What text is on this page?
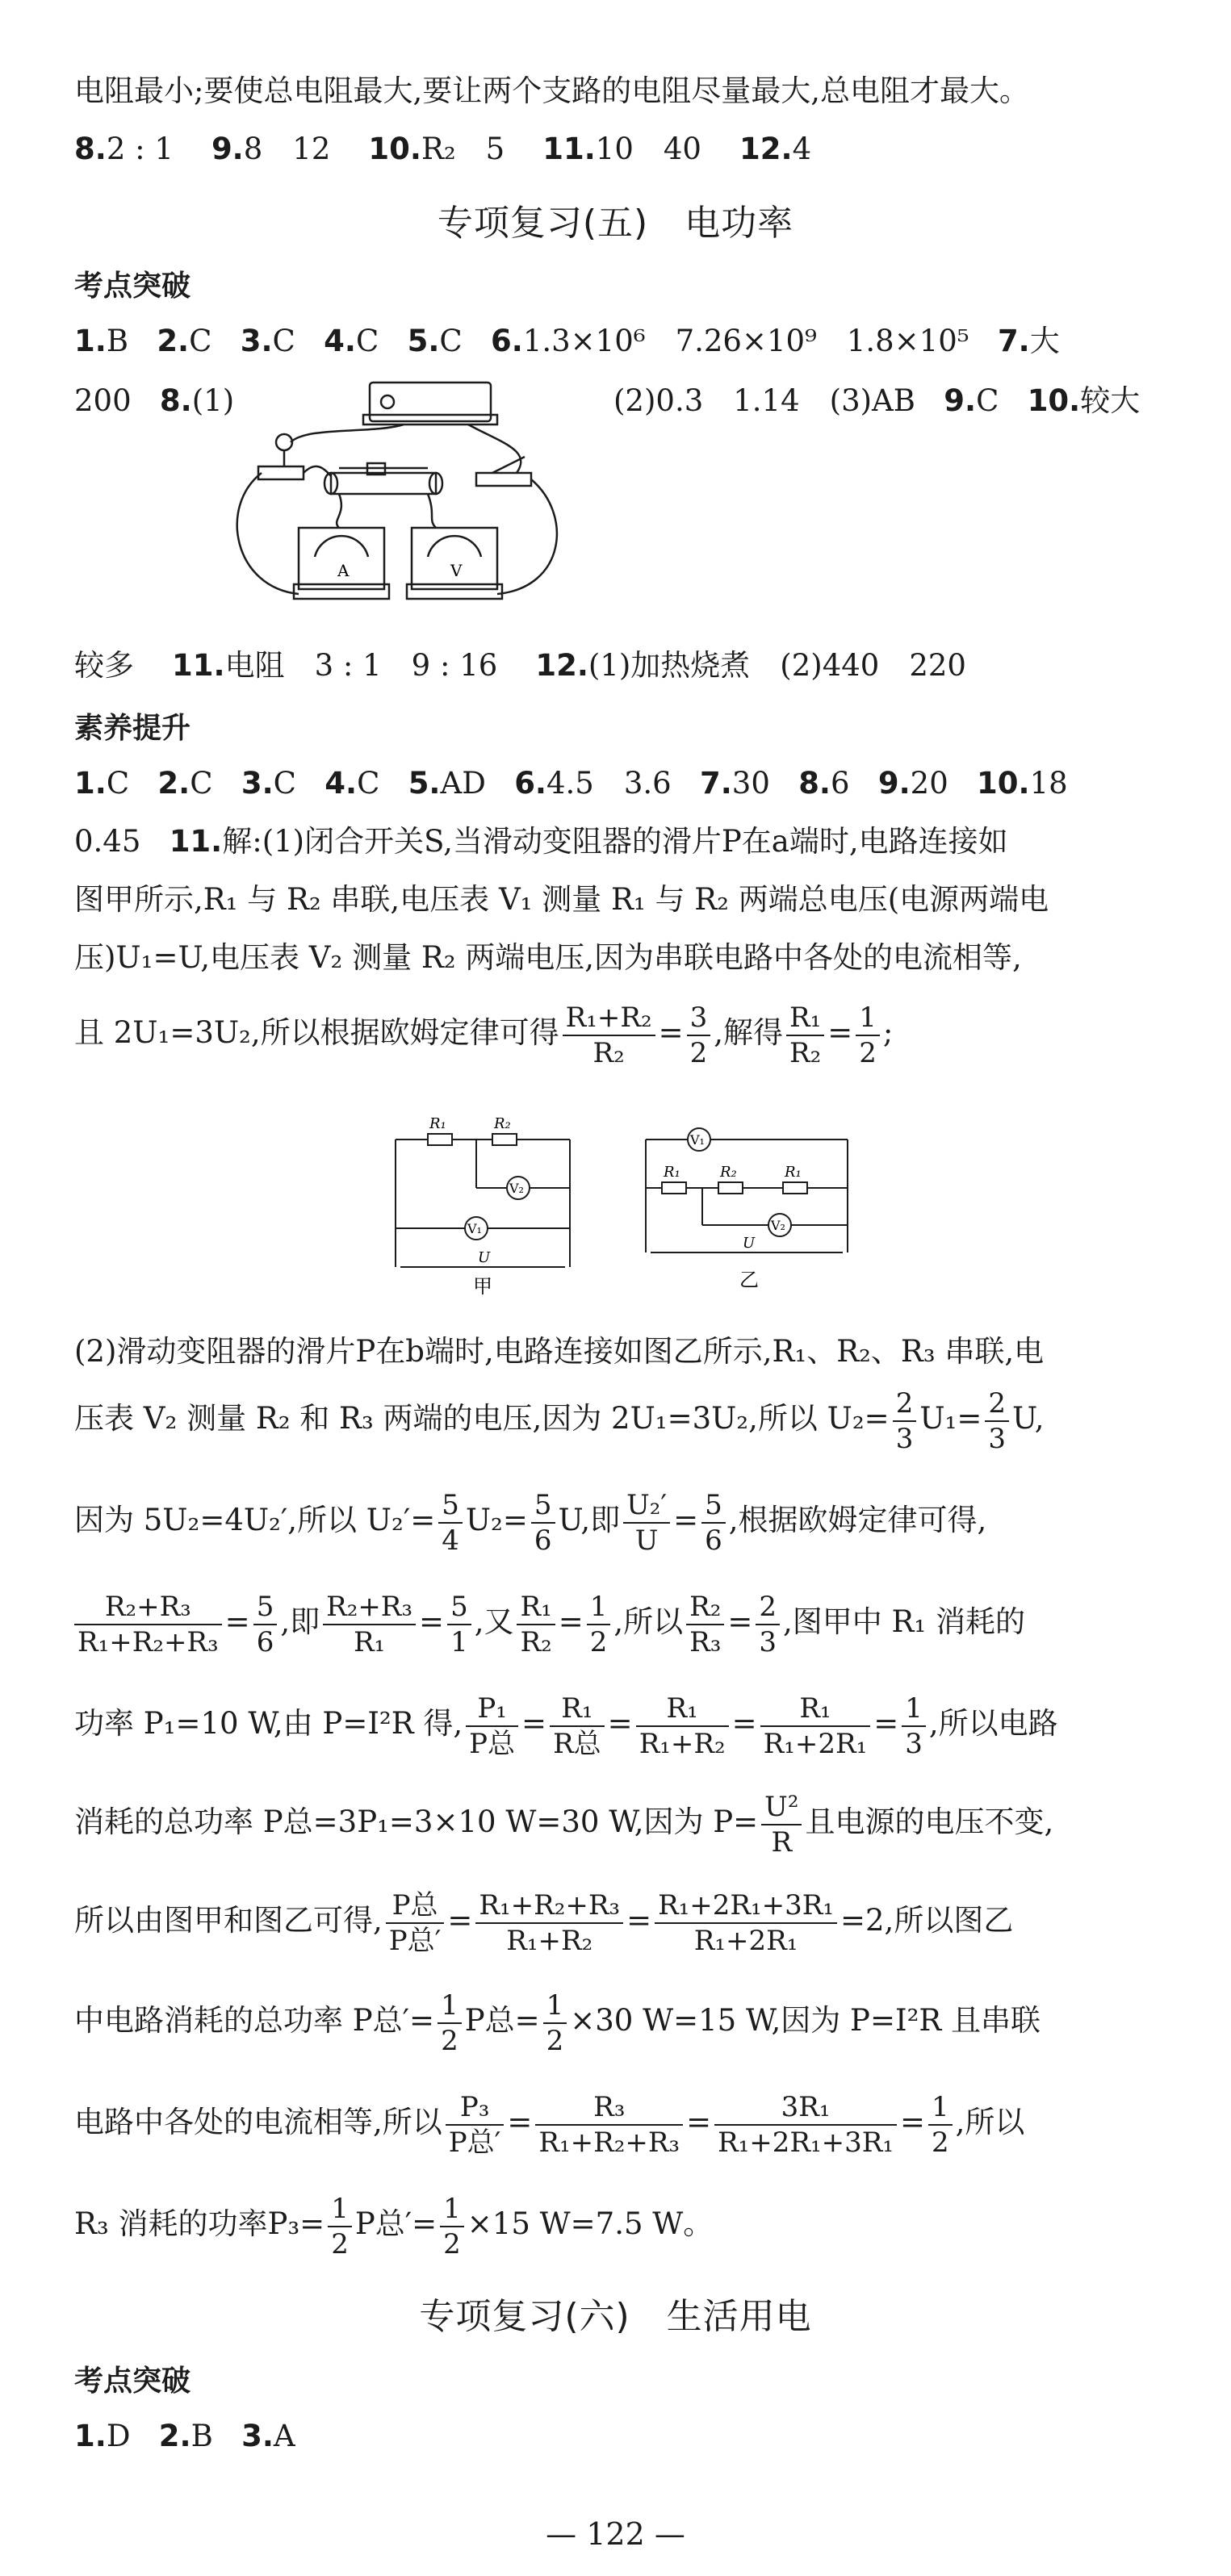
电阻最小;要使总电阻最大,要让两个支路的电阻尽量最大,总电阻才最大。
8.2 : 1 9.8　12 10.R₂　5 11.10　40 12.4
专项复习(五)　电功率
考点突破
1.B 2.C 3.C 4.C 5.C 6.1.3×10⁶　7.26×10⁹　1.8×10⁵ 7.大
200 8.(1)	(2)0.3　1.14　(3)AB 9.C 10.较大
A	V
较多 11.电阻　3 : 1　9 : 16 12.(1)加热烧煮　(2)440　220
素养提升
1.C 2.C 3.C 4.C 5.AD 6.4.5　3.6 7.30 8.6 9.20 10.18
0.45 11.解:(1)闭合开关S,当滑动变阻器的滑片P在a端时,电路连接如
图甲所示,R₁ 与 R₂ 串联,电压表 V₁ 测量 R₁ 与 R₂ 两端总电压(电源两端电
压)U₁=U,电压表 V₂ 测量 R₂ 两端电压,因为串联电路中各处的电流相等,
且 2U₁=3U₂,所以根据欧姆定律可得 $\frac{\text{R₁+R₂}}{\text{R₂}} = \frac{3}{2}$ ,解得 $\frac{\text{R₁}}{\text{R₂}} = \frac{1}{2}$ ;
R₁	R₂
V₂
V₁
U
甲
V₁
R₁	R₂	R₁
V₂
U
乙
(2)滑动变阻器的滑片P在b端时,电路连接如图乙所示,R₁、R₂、R₃ 串联,电
压表 V₂ 测量 R₂ 和 R₃ 两端的电压,因为 2U₁=3U₂,所以 $U_2= \frac{2}{3} U_1= \frac{2}{3} U$,
因为 5U₂=4U₂′,所以 $U_2'= \frac{5}{4} U_2= \frac{5}{6} U$,即 $\frac{\text{U₂′}}{U} = \frac{5}{6}$ ,根据欧姆定律可得,
$\frac{\text{R₂+R₃}}{\text{R₁+R₂+R₃}} = \frac{5}{6}$ ,即 $\frac{\text{R₂+R₃}}{\text{R₁}} = \frac{5}{1}$ ,又 $\frac{\text{R₁}}{\text{R₂}} = \frac{1}{2}$ ,所以 $\frac{\text{R₂}}{\text{R₃}} = \frac{2}{3}$ ,图甲中 R₁ 消耗的
功率 P₁=10 W,由 P=I²R 得, $\frac{\text{P₁}}{\text{P总}} = \frac{\text{R₁}}{\text{R总}} = \frac{\text{R₁}}{\text{R₁+R₂}} = \frac{\text{R₁}}{\text{R₁+2R₁}} = \frac{1}{3}$ ,所以电路
消耗的总功率 P总=3P₁=3×10 W=30 W,因为 $P= \frac{\text{U²}}{R}$ 且电源的电压不变,
所以由图甲和图乙可得, $\frac{\text{P总}}{\text{P总′}} = \frac{\text{R₁+R₂+R₃}}{\text{R₁+R₂}} = \frac{\text{R₁+2R₁+3R₁}}{\text{R₁+2R₁}} =2$,所以图乙
中电路消耗的总功率 P总′= $\frac{1}{2}$ P总= $\frac{1}{2} \times 30$ W=15 W,因为 P=I²R 且串联
电路中各处的电流相等,所以 $\frac{\text{P₃}}{\text{P总′}} = \frac{\text{R₃}}{\text{R₁+R₂+R₃}} = \frac{\text{3R₁}}{\text{R₁+2R₁+3R₁}} = \frac{1}{2}$ ,所以
R₃ 消耗的功率$P_3= \frac{1}{2}$ P总′= $\frac{1}{2} \times 15$ W=7.5 W。
专项复习(六)　生活用电
考点突破
1.D 2.B 3.A
— 122 —
